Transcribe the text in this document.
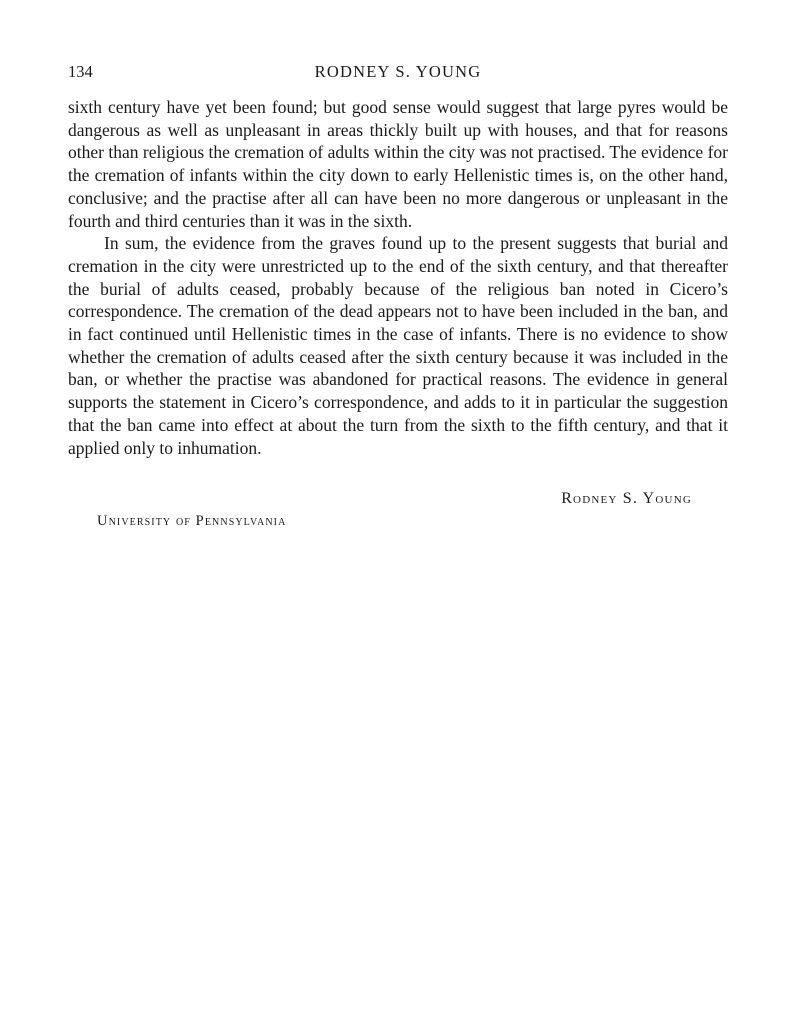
134	RODNEY S. YOUNG

sixth century have yet been found; but good sense would suggest that large pyres would be dangerous as well as unpleasant in areas thickly built up with houses, and that for reasons other than religious the cremation of adults within the city was not practised. The evidence for the cremation of infants within the city down to early Hellenistic times is, on the other hand, conclusive; and the practise after all can have been no more dangerous or unpleasant in the fourth and third centuries than it was in the sixth.

In sum, the evidence from the graves found up to the present suggests that burial and cremation in the city were unrestricted up to the end of the sixth century, and that thereafter the burial of adults ceased, probably because of the religious ban noted in Cicero’s correspondence. The cremation of the dead appears not to have been included in the ban, and in fact continued until Hellenistic times in the case of infants. There is no evidence to show whether the cremation of adults ceased after the sixth century because it was included in the ban, or whether the practise was abandoned for practical reasons. The evidence in general supports the statement in Cicero’s correspondence, and adds to it in particular the suggestion that the ban came into effect at about the turn from the sixth to the fifth century, and that it applied only to inhumation.

Rodney S. Young
University of Pennsylvania
